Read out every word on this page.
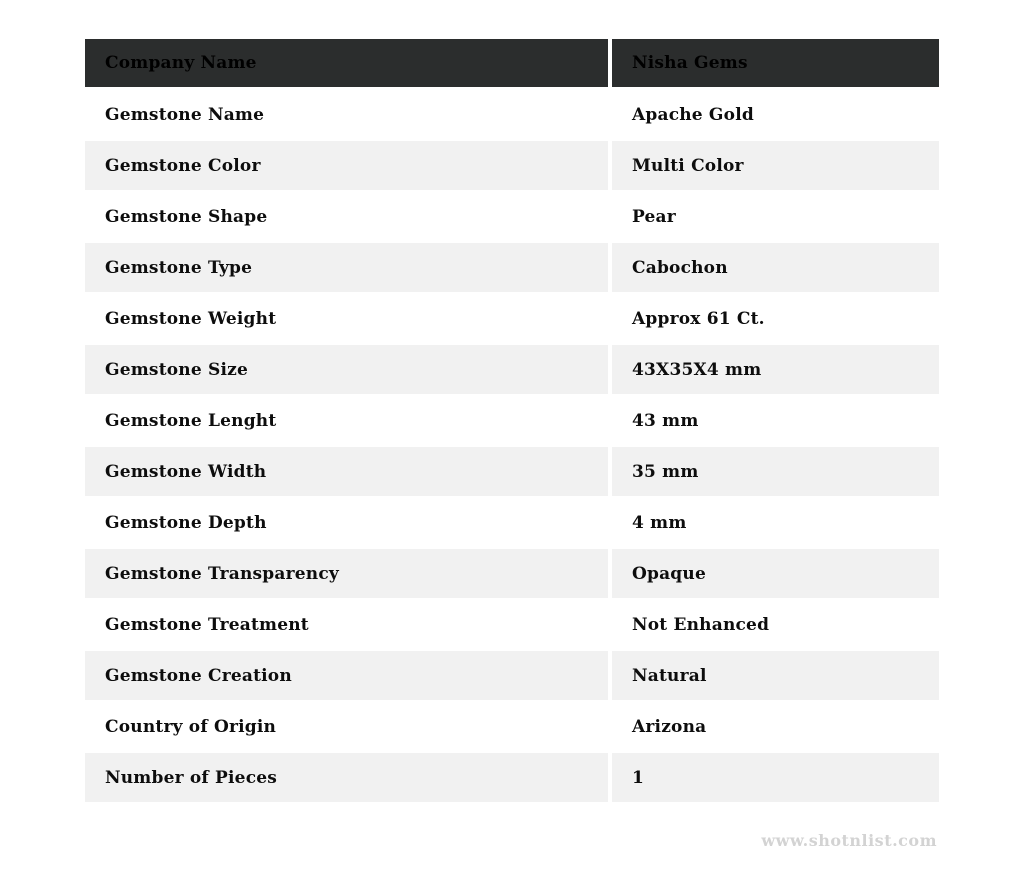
Company Name	Nisha Gems
Gemstone Name	Apache Gold
Gemstone Color	Multi Color
Gemstone Shape	Pear
Gemstone Type	Cabochon
Gemstone Weight	Approx 61 Ct.
Gemstone Size	43X35X4 mm
Gemstone Lenght	43 mm
Gemstone Width	35 mm
Gemstone Depth	4 mm
Gemstone Transparency	Opaque
Gemstone Treatment	Not Enhanced
Gemstone Creation	Natural
Country of Origin	Arizona
Number of Pieces	1
www.shotnlist.com
